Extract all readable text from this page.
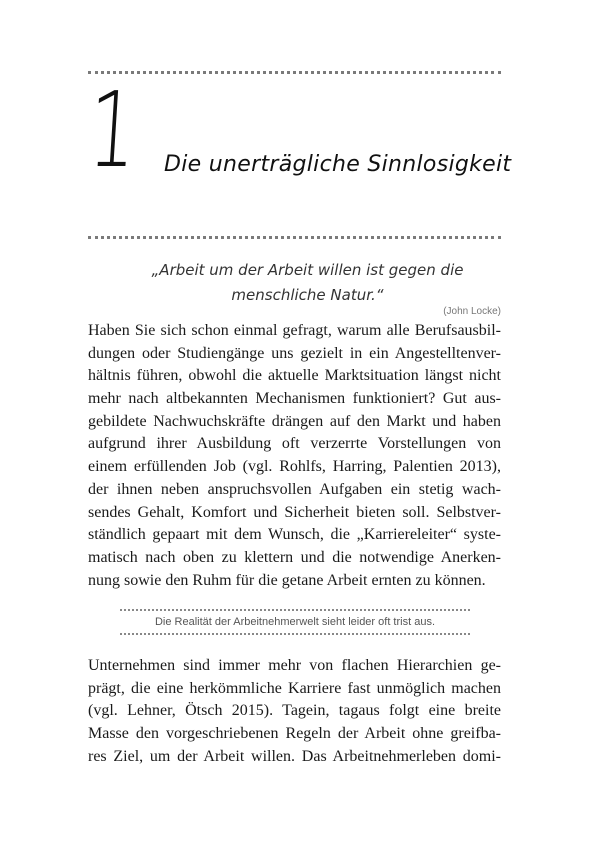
1 Die unerträgliche Sinnlosigkeit
„Arbeit um der Arbeit willen ist gegen die
menschliche Natur.“
(John Locke)
Haben Sie sich schon einmal gefragt, warum alle Berufsausbil-
dungen oder Studiengänge uns gezielt in ein Angestelltenver-
hältnis führen, obwohl die aktuelle Marktsituation längst nicht
mehr nach altbekannten Mechanismen funktioniert? Gut aus-
gebildete Nachwuchskräfte drängen auf den Markt und haben
aufgrund ihrer Ausbildung oft verzerrte Vorstellungen von
einem erfüllenden Job (vgl. Rohlfs, Harring, Palentien 2013),
der ihnen neben anspruchsvollen Aufgaben ein stetig wach-
sendes Gehalt, Komfort und Sicherheit bieten soll. Selbstver-
ständlich gepaart mit dem Wunsch, die „Karriereleiter“ syste-
matisch nach oben zu klettern und die notwendige Anerken-
nung sowie den Ruhm für die getane Arbeit ernten zu können.
Die Realität der Arbeitnehmerwelt sieht leider oft trist aus.
Unternehmen sind immer mehr von flachen Hierarchien ge-
prägt, die eine herkömmliche Karriere fast unmöglich machen
(vgl. Lehner, Ötsch 2015). Tagein, tagaus folgt eine breite
Masse den vorgeschriebenen Regeln der Arbeit ohne greifba-
res Ziel, um der Arbeit willen. Das Arbeitnehmerleben domi-
